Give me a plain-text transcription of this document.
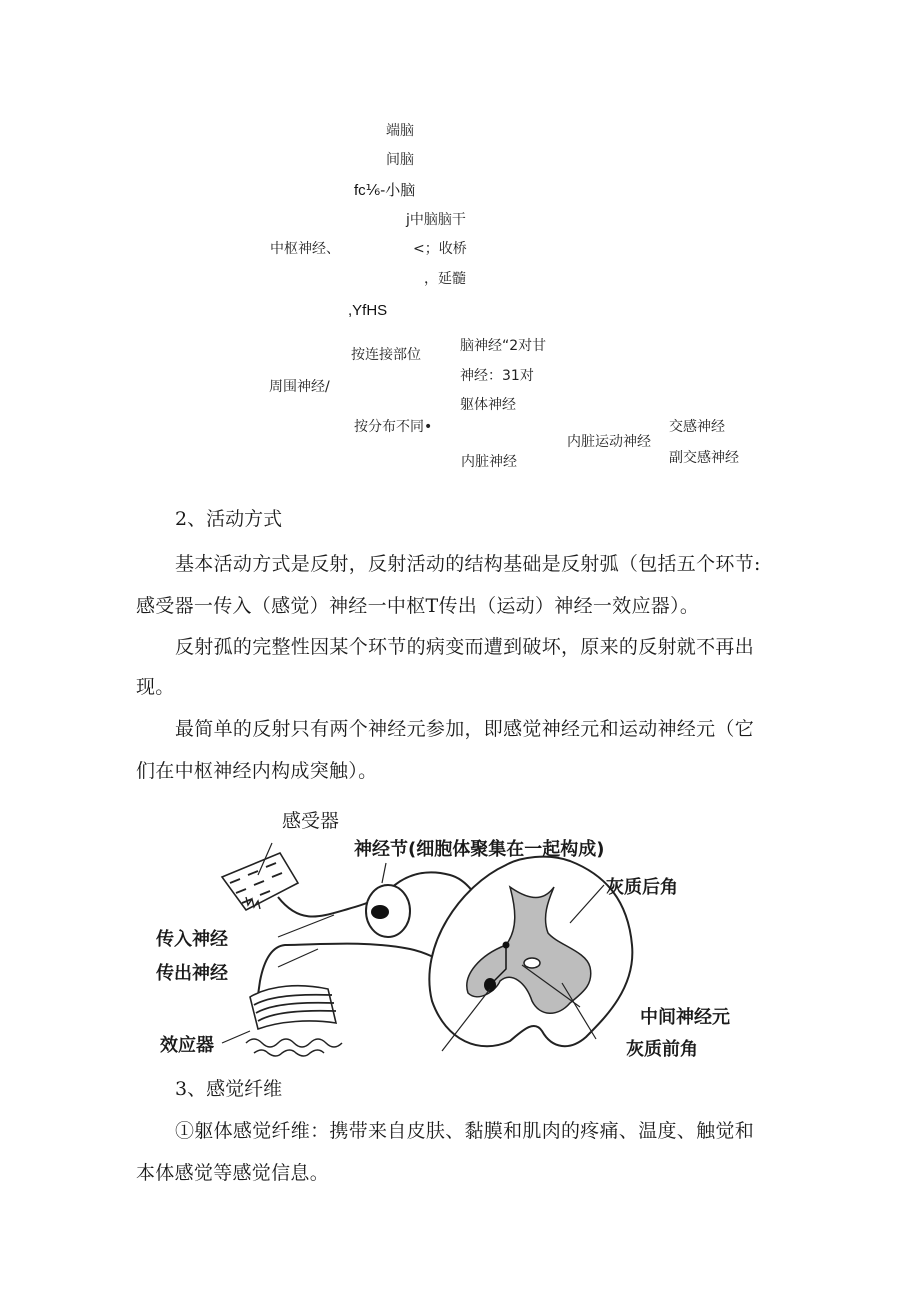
端脑
间脑
fc⅙-小脑
j中脑脑干
中枢神经、	<；收桥
，延髓
,YfHS
脑神经“2对甘
按连接部位
神经：31对
周围神经/
躯体神经
按分布不同•	交感神经
内脏运动神经
副交感神经
内脏神经
2、活动方式
基本活动方式是反射，反射活动的结构基础是反射弧（包括五个环节:
感受器一传入（感觉）神经一中枢T传出（运动）神经一效应器）。
反射孤的完整性因某个环节的病变而遭到破坏，原来的反射就不再出
现。
最简单的反射只有两个神经元参加，即感觉神经元和运动神经元（它
们在中枢神经内构成突触）。
感受器
神经节(细胞体聚集在一起构成)
灰质后角
传入神经
传出神经
中间神经元
效应器	灰质前角
3、感觉纤维
①躯体感觉纤维：携带来自皮肤、黏膜和肌肉的疼痛、温度、触觉和
本体感觉等感觉信息。
